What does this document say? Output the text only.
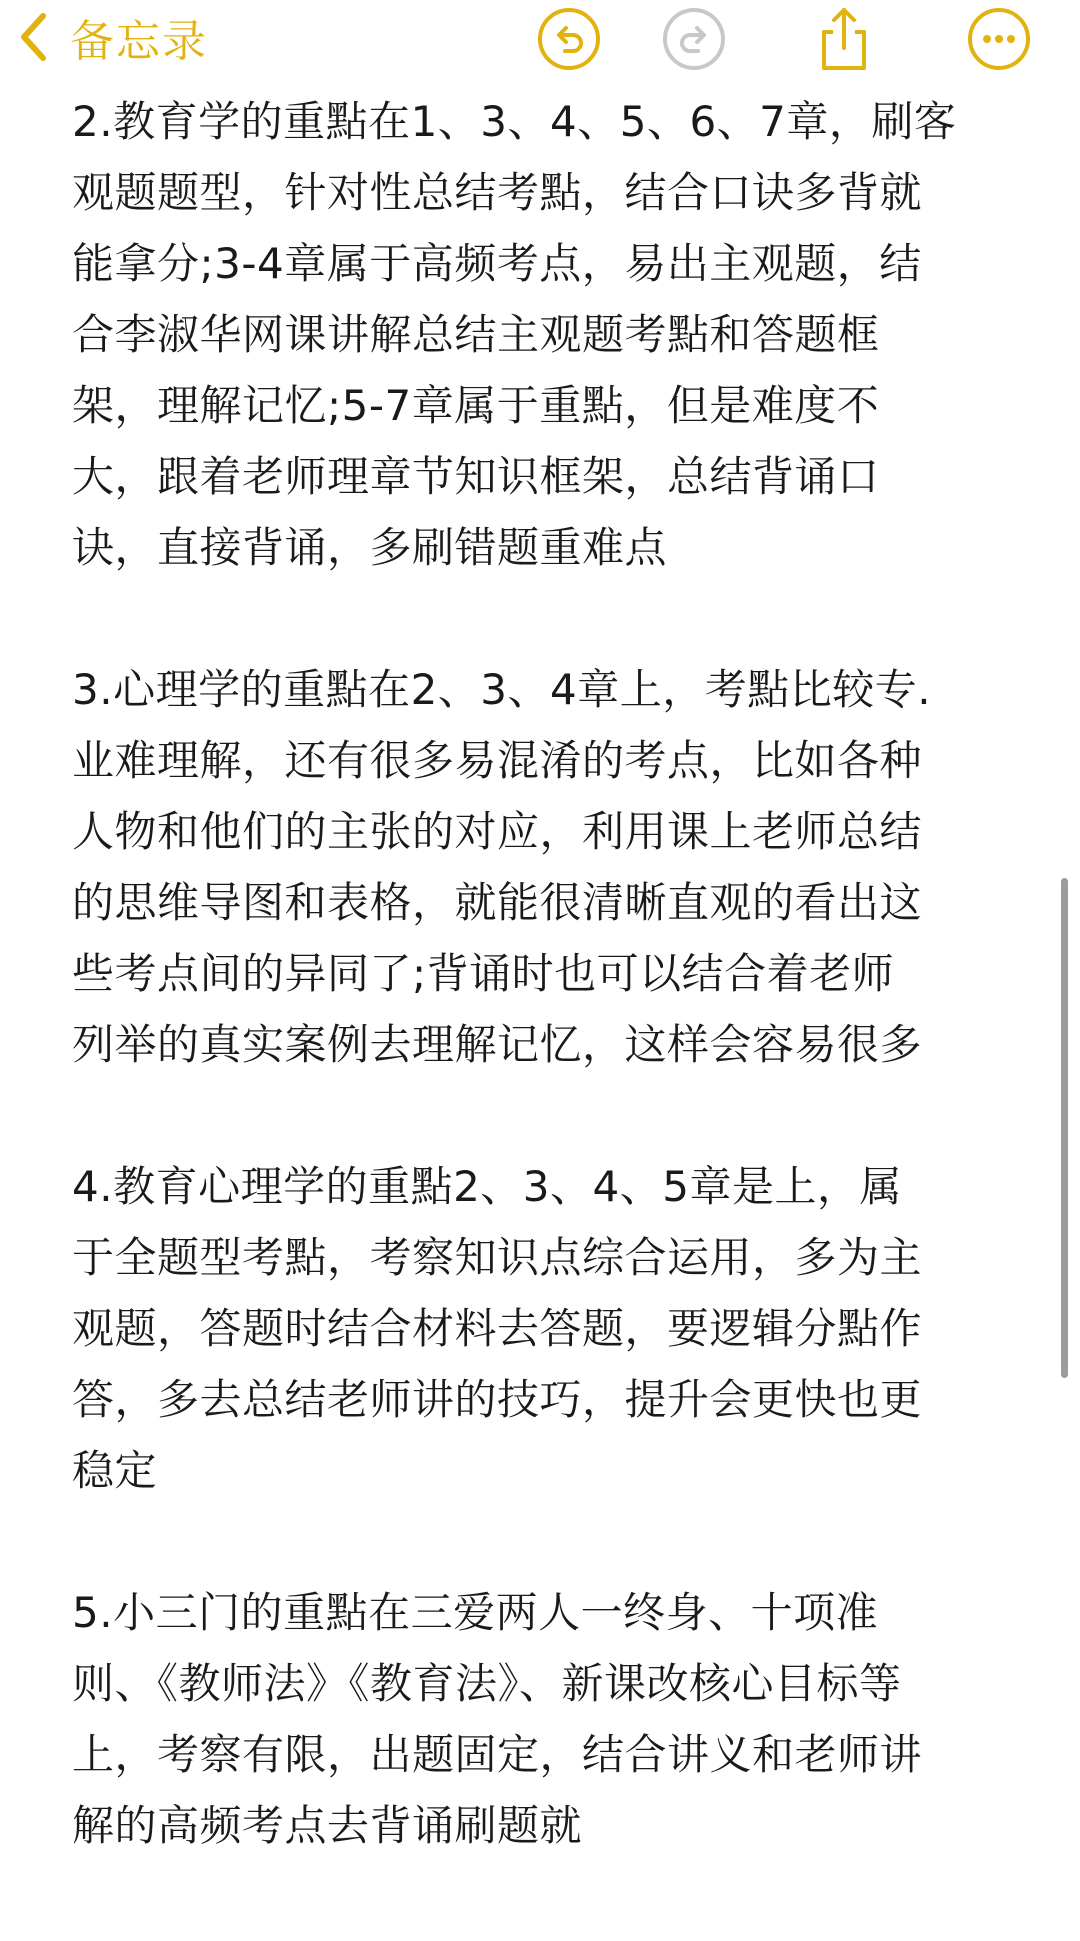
备忘录

2.教育学的重點在1、3、4、5、6、7章，刷客
观题题型，针对性总结考點，结合口诀多背就
能拿分;3-4章属于高频考点，易出主观题，结
合李淑华网课讲解总结主观题考點和答题框
架，理解记忆;5-7章属于重點，但是难度不
大，跟着老师理章节知识框架，总结背诵口
诀，直接背诵，多刷错题重难点

3.心理学的重點在2、3、4章上，考點比较专.
业难理解，还有很多易混淆的考点，比如各种
人物和他们的主张的对应，利用课上老师总结
的思维导图和表格，就能很清晰直观的看出这
些考点间的异同了;背诵时也可以结合着老师
列举的真实案例去理解记忆，这样会容易很多

4.教育心理学的重點2、3、4、5章是上，属
于全题型考點，考察知识点综合运用，多为主
观题，答题时结合材料去答题，要逻辑分點作
答，多去总结老师讲的技巧，提升会更快也更
稳定

5.小三门的重點在三爱两人一终身、十项准
则、《教师法》《教育法》、新课改核心目标等
上，考察有限，出题固定，结合讲义和老师讲
解的高频考点去背诵刷题就
